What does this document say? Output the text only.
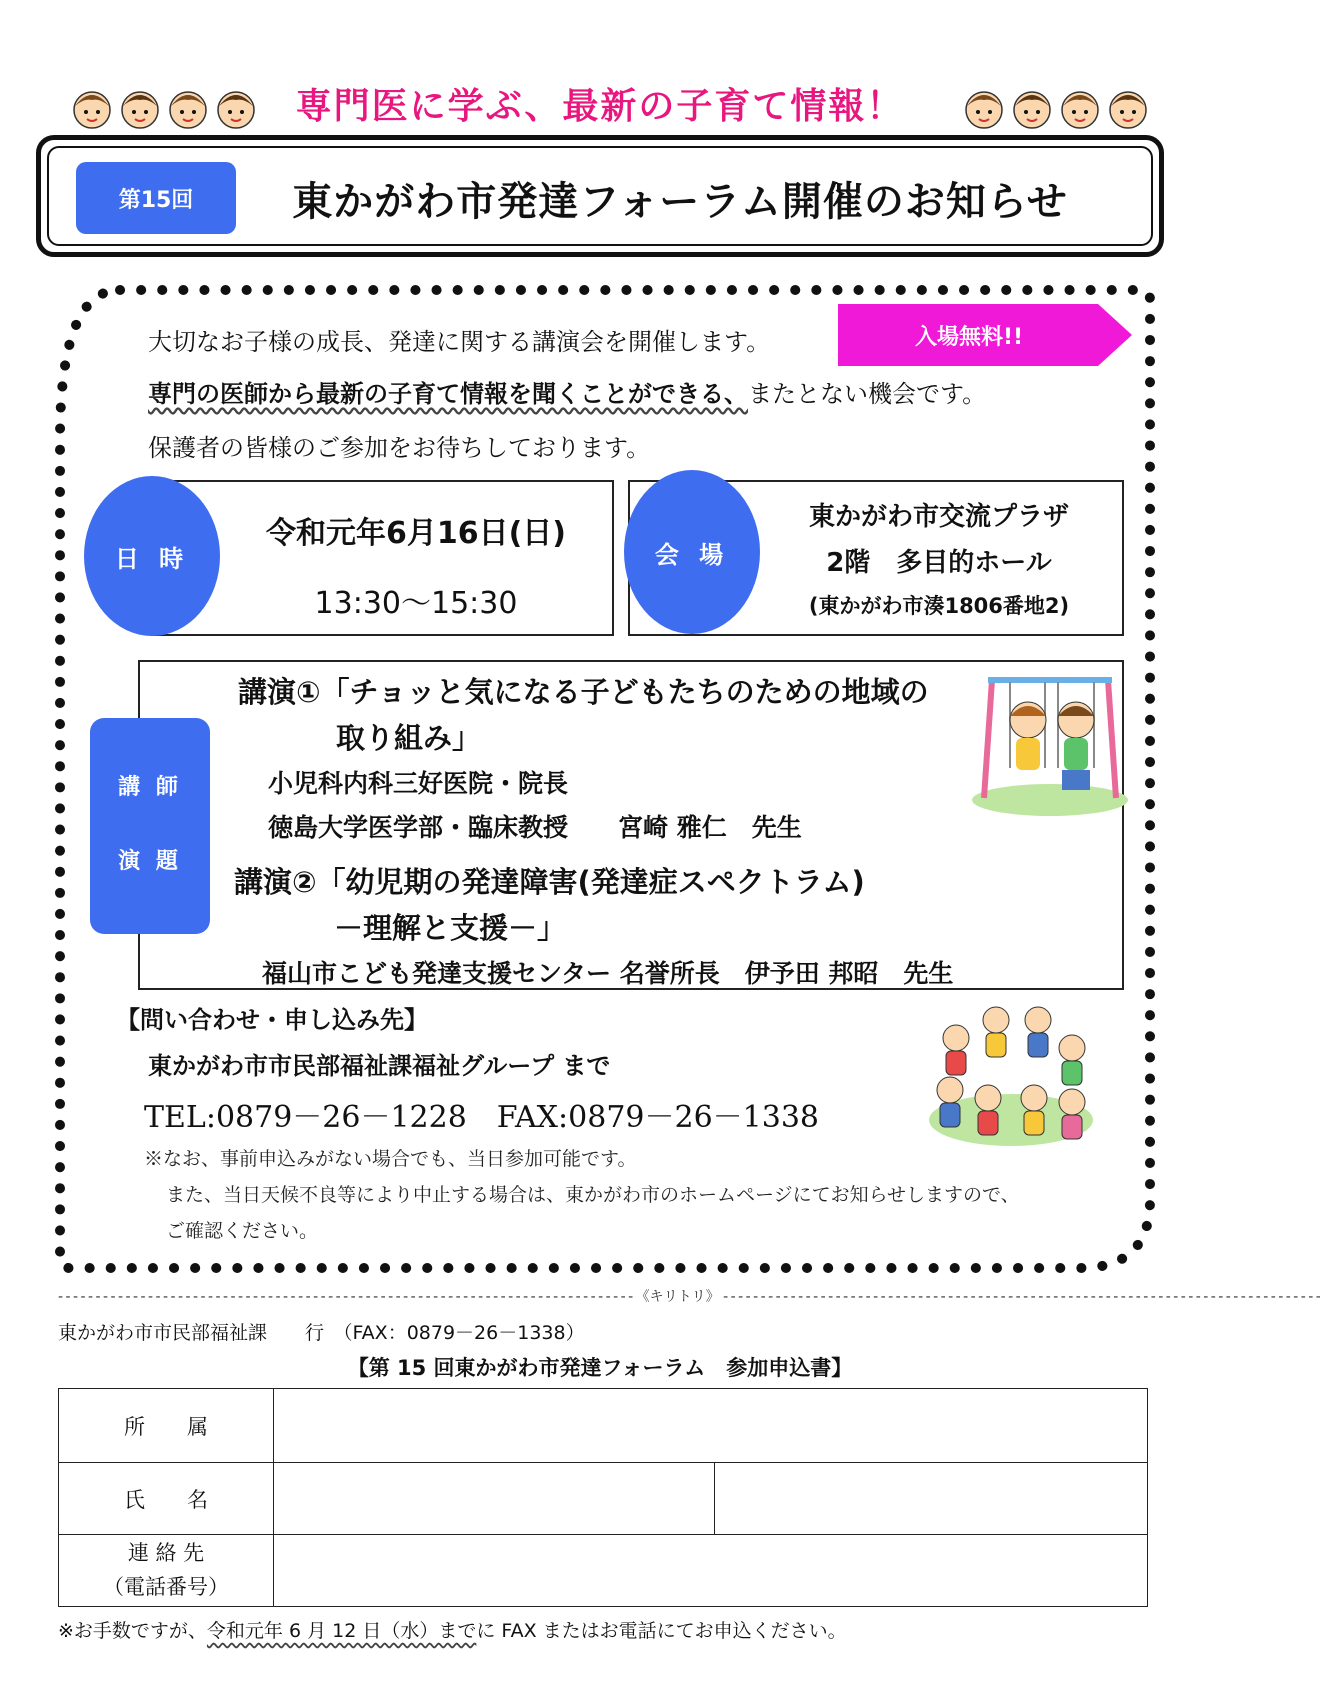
専門医に学ぶ、最新の子育て情報！
第15回	東かがわ市発達フォーラム開催のお知らせ
大切なお子様の成長、発達に関する講演会を開催します。	入場無料!!
専門の医師から最新の子育て情報を聞くことができる、またとない機会です。
保護者の皆様のご参加をお待ちしております。
日 時
令和元年6月16日(日)
13:30～15:30
会 場
東かがわ市交流プラザ
2階　多目的ホール
(東かがわ市湊1806番地2)
講 師
演 題
講演①「チョッと気になる子どもたちのための地域の
取り組み」
小児科内科三好医院・院長
徳島大学医学部・臨床教授　　宮崎 雅仁　先生
講演②「幼児期の発達障害(発達症スペクトラム)
－理解と支援－」
福山市こども発達支援センター 名誉所長　伊予田 邦昭　先生
【問い合わせ・申し込み先】
東かがわ市市民部福祉課福祉グループ まで
TEL:0879－26－1228　FAX:0879－26－1338
※なお、事前申込みがない場合でも、当日参加可能です。
また、当日天候不良等により中止する場合は、東かがわ市のホームページにてお知らせしますので、
ご確認ください。
- - - - - - - - - - - - - - - - - - - - - - - - - - - - - - - - - - - - - - - - - - - - - - - - - - - - - - - - - - - - - - - - - - - - - - - - - - - - - 《キリトリ》 - - - - - - - - - - - - - - - - - - - - - - - - - - - - - - - - - - - - - - - - - - - - - - - - - - - - - - - - - - - - - - - - - - - - - - - - - - - - - - - -
東かがわ市市民部福祉課　　行　（FAX：0879－26－1338）
【第 15 回東かがわ市発達フォーラム　参加申込書】
所　　属		
氏　　名		

連 絡 先
（電話番号）		

※お手数ですが、令和元年 6 月 12 日（水）までに FAX またはお電話にてお申込ください。
